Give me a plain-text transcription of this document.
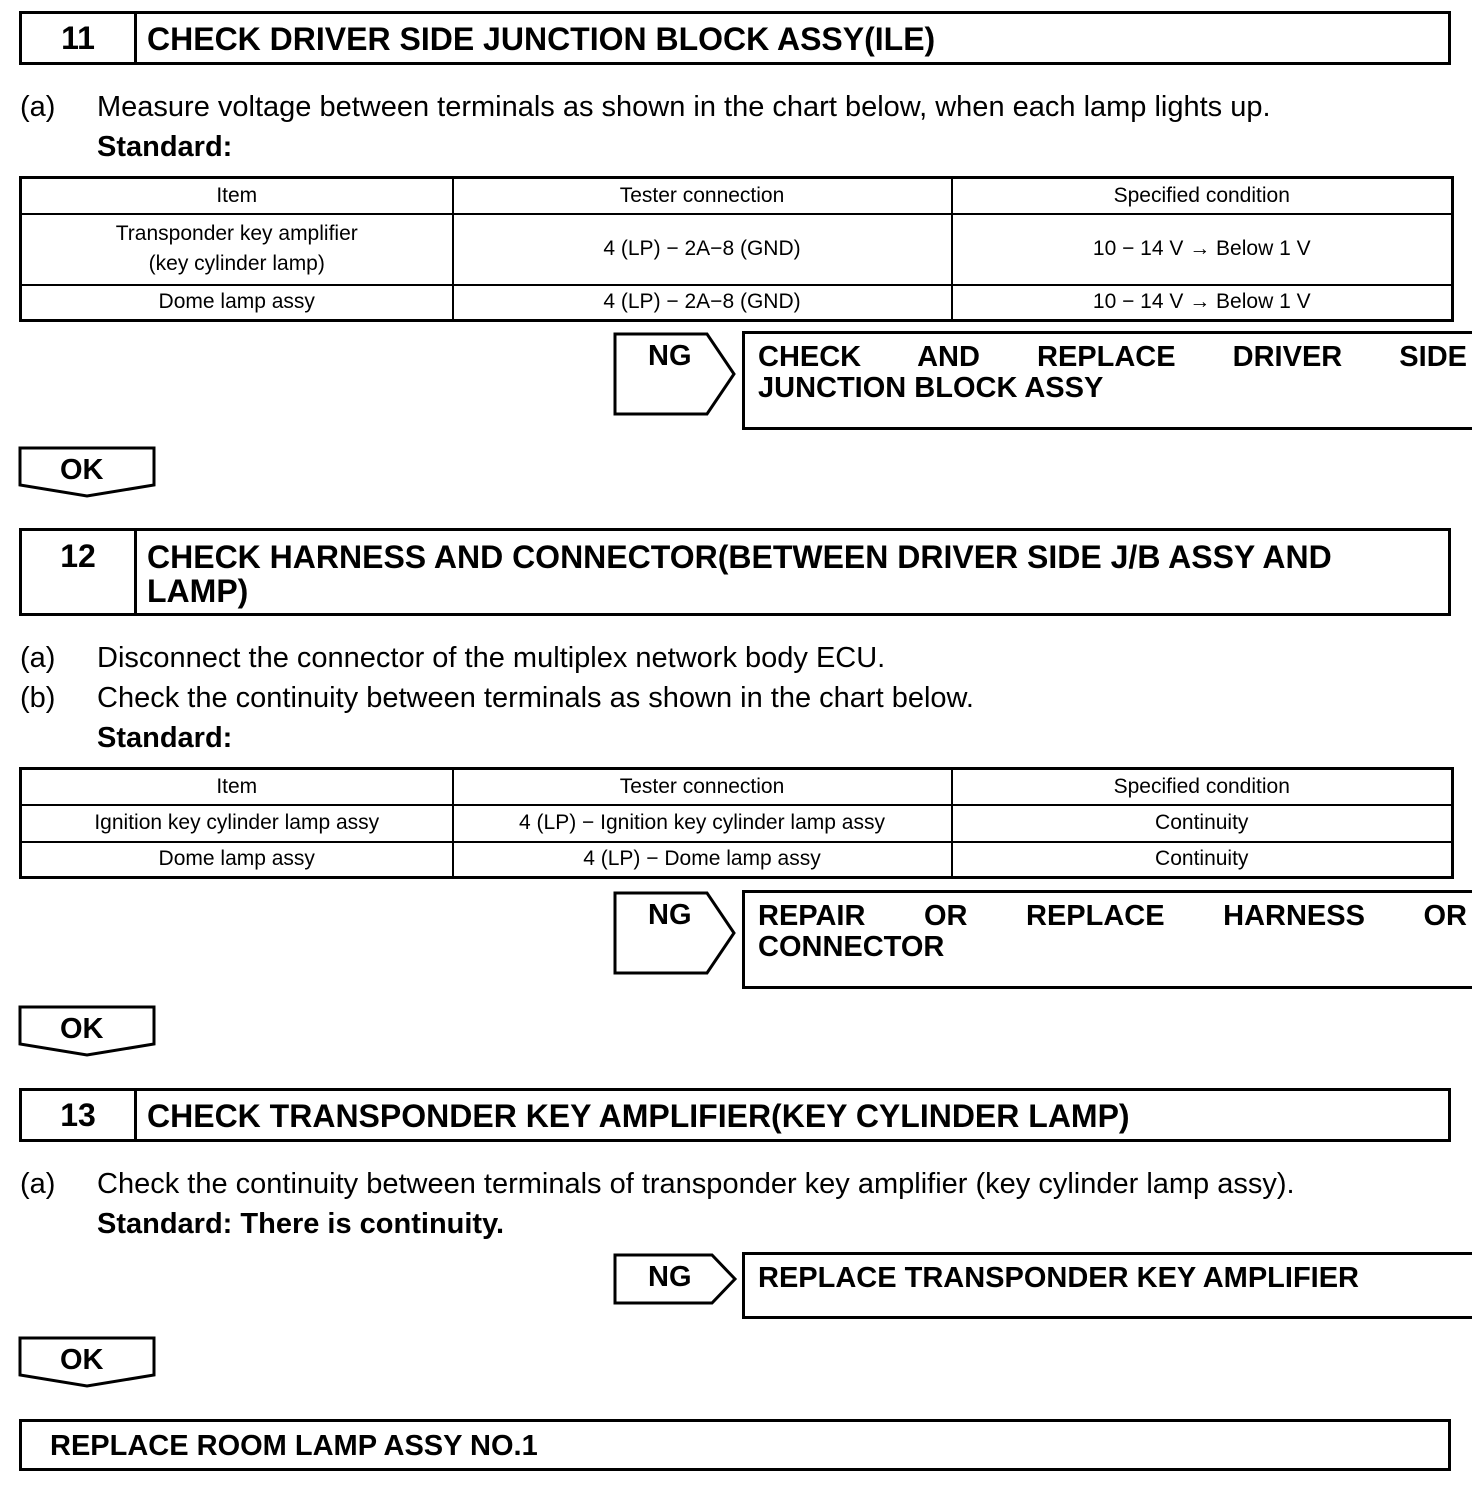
11	CHECK DRIVER SIDE JUNCTION BLOCK ASSY(ILE)
(a) Measure voltage between terminals as shown in the chart below, when each lamp lights up.
Standard:
Item	Tester connection	Specified condition

Transponder key amplifier
(key cylinder lamp)	4 (LP) − 2A−8 (GND)	10 − 14 V → Below 1 V
Dome lamp assy	4 (LP) − 2A−8 (GND)	10 − 14 V → Below 1 V
NG CHECK AND REPLACE DRIVER SIDE
JUNCTION BLOCK ASSY
OK
12	CHECK HARNESS AND CONNECTOR(BETWEEN DRIVER SIDE J/B ASSY AND
LAMP)
(a) Disconnect the connector of the multiplex network body ECU.
(b) Check the continuity between terminals as shown in the chart below.
Standard:
Item	Tester connection	Specified condition
Ignition key cylinder lamp assy	4 (LP) − Ignition key cylinder lamp assy	Continuity
Dome lamp assy	4 (LP) − Dome lamp assy	Continuity
NG REPAIR OR REPLACE HARNESS OR
CONNECTOR
OK
13	CHECK TRANSPONDER KEY AMPLIFIER(KEY CYLINDER LAMP)
(a) Check the continuity between terminals of transponder key amplifier (key cylinder lamp assy).
Standard: There is continuity.
NG REPLACE TRANSPONDER KEY AMPLIFIER
OK
REPLACE ROOM LAMP ASSY NO.1
